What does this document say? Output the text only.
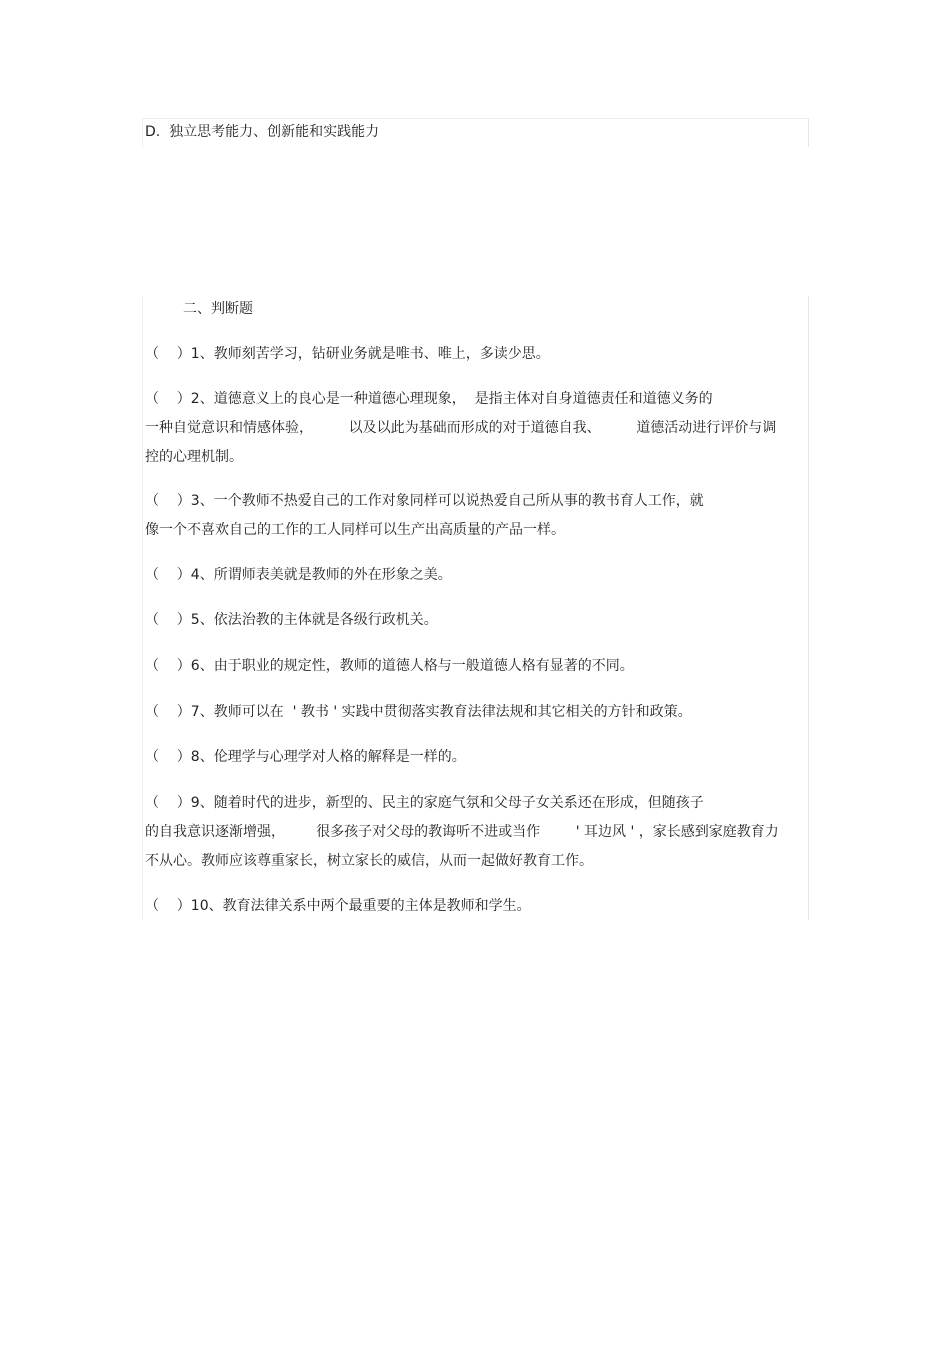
D.  独立思考能力、创新能和实践能力
二、判断题
（    ）1、教师刻苦学习，钻研业务就是唯书、唯上，多读少思。
（    ）2、道德意义上的良心是一种道德心理现象，  是指主体对自身道德责任和道德义务的
一种自觉意识和情感体验，        以及以此为基础而形成的对于道德自我、        道德活动进行评价与调
控的心理机制。
（    ）3、一个教师不热爱自己的工作对象同样可以说热爱自己所从事的教书育人工作，就
像一个不喜欢自己的工作的工人同样可以生产出高质量的产品一样。
（    ）4、所谓师表美就是教师的外在形象之美。
（    ）5、依法治教的主体就是各级行政机关。
（    ）6、由于职业的规定性，教师的道德人格与一般道德人格有显著的不同。
（    ）7、教师可以在  ' 教书 ' 实践中贯彻落实教育法律法规和其它相关的方针和政策。
（    ）8、伦理学与心理学对人格的解释是一样的。
（    ）9、随着时代的进步，新型的、民主的家庭气氛和父母子女关系还在形成，但随孩子
的自我意识逐渐增强，       很多孩子对父母的教诲听不进或当作        ' 耳边风 ' ，家长感到家庭教育力
不从心。教师应该尊重家长，树立家长的威信，从而一起做好教育工作。
（    ）10、教育法律关系中两个最重要的主体是教师和学生。
